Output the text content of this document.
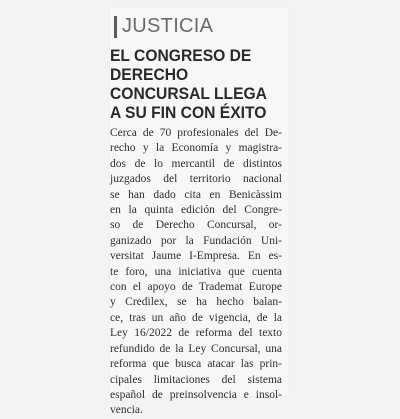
JUSTICIA
EL CONGRESO DE
DERECHO
CONCURSAL LLEGA
A SU FIN CON ÉXITO
Cerca de 70 profesionales del De-
recho y la Economía y magistra-
dos de lo mercantil de distintos
juzgados del territorio nacional
se han dado cita en Benicàssim
en la quinta edición del Congre-
so de Derecho Concursal, or-
ganizado por la Fundación Uni-
versitat Jaume I-Empresa. En es-
te foro, una iniciativa que cuenta
con el apoyo de Trademat Europe
y Credilex, se ha hecho balan-
ce, tras un año de vigencia, de la
Ley 16/2022 de reforma del texto
refundido de la Ley Concursal, una
reforma que busca atacar las prin-
cipales limitaciones del sistema
español de preinsolvencia e insol-
vencia.
